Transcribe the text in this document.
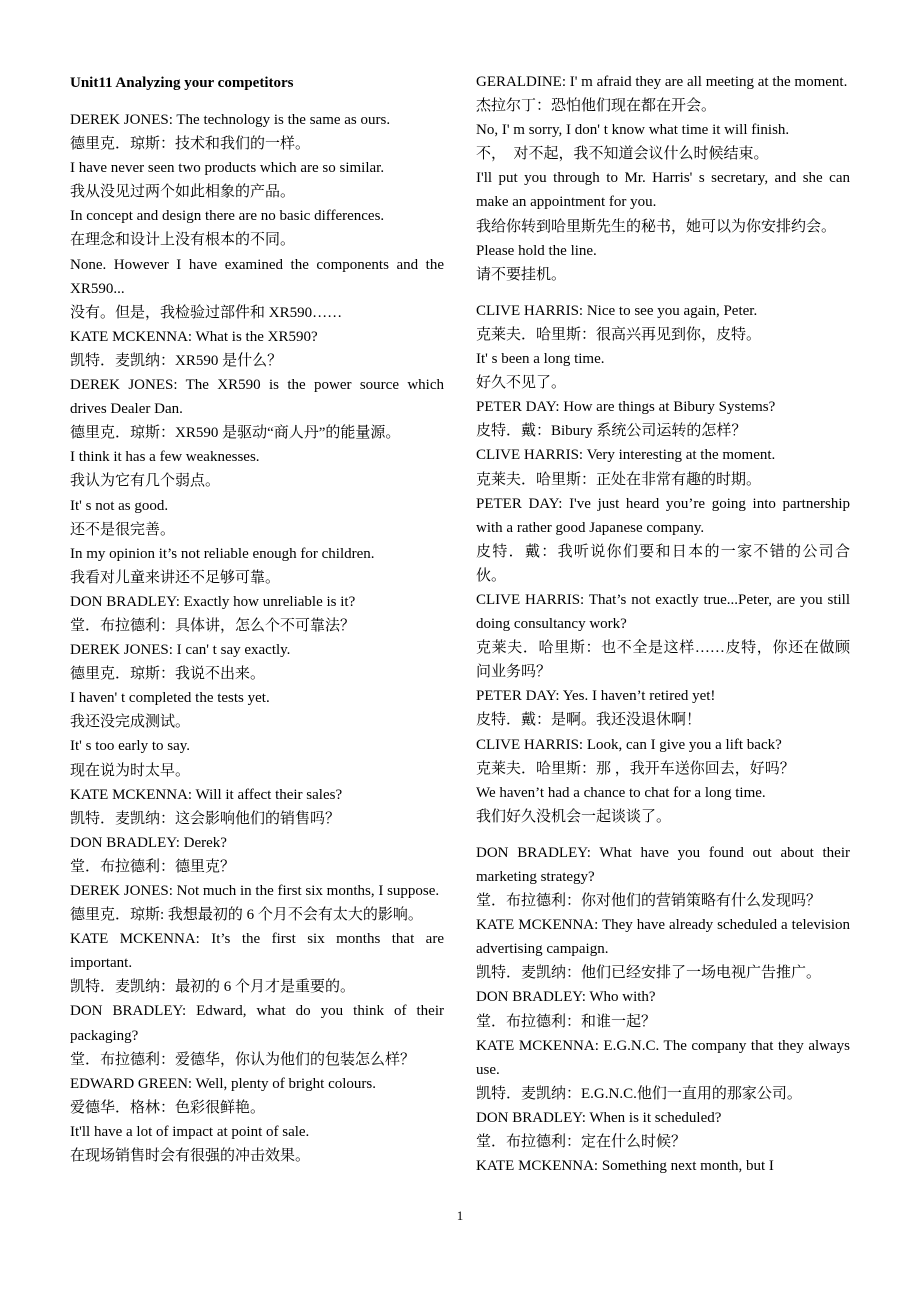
Unit11 Analyzing your competitors

DEREK JONES: The technology is the same as ours.

德里克．琼斯：技术和我们的一样。

I have never seen two products which are so similar.

我从没见过两个如此相象的产品。

In concept and design there are no basic differences.

在理念和设计上没有根本的不同。

None. However I have examined the components and the XR590...

没有。但是，我检验过部件和 XR590……

KATE MCKENNA: What is the XR590?

凯特．麦凯纳：XR590 是什么？

DEREK JONES: The XR590 is the power source which drives Dealer Dan.

德里克．琼斯：XR590 是驱动“商人丹”的能量源。

I think it has a few weaknesses.

我认为它有几个弱点。

It' s not as good.

还不是很完善。

In my opinion it’s not reliable enough for children.

我看对儿童来讲还不足够可靠。

DON BRADLEY: Exactly how unreliable is it?

堂．布拉德利：具体讲，怎么个不可靠法？

DEREK JONES: I can' t say exactly.

德里克．琼斯：我说不出来。

I haven' t completed the tests yet.

我还没完成测试。

It' s too early to say.

现在说为时太早。

KATE MCKENNA: Will it affect their sales?

凯特．麦凯纳：这会影响他们的销售吗？

DON BRADLEY: Derek?

堂．布拉德利：德里克？

DEREK JONES: Not much in the first six months, I suppose.

德里克．琼斯: 我想最初的 6 个月不会有太大的影响。

KATE MCKENNA: It’s the first six months that are important.

凯特．麦凯纳：最初的 6 个月才是重要的。

DON BRADLEY: Edward, what do you think of their packaging?

堂．布拉德利：爱德华，你认为他们的包装怎么样？

EDWARD GREEN: Well, plenty of bright colours.

爱德华．格林：色彩很鲜艳。

It'll have a lot of impact at point of sale.

在现场销售时会有很强的冲击效果。

GERALDINE: I' m afraid they are all meeting at the moment.

杰拉尔丁：恐怕他们现在都在开会。

No, I' m sorry, I don' t know what time it will finish.

不，　对不起，我不知道会议什么时候结束。

I'll put you through to Mr. Harris' s secretary, and she can make an appointment for you.

我给你转到哈里斯先生的秘书，她可以为你安排约会。

Please hold the line.

请不要挂机。

CLIVE HARRIS: Nice to see you again, Peter.

克莱夫．哈里斯：很高兴再见到你，皮特。

It' s been a long time.

好久不见了。

PETER DAY: How are things at Bibury Systems?

皮特．戴：Bibury 系统公司运转的怎样？

CLIVE HARRIS: Very interesting at the moment.

克莱夫．哈里斯：正处在非常有趣的时期。

PETER DAY: I've just heard you’re going into partnership with a rather good Japanese company.

皮特．戴：我听说你们要和日本的一家不错的公司合伙。

CLIVE HARRIS: That’s not exactly true...Peter, are you still doing consultancy work?

克莱夫．哈里斯：也不全是这样……皮特，你还在做顾问业务吗？

PETER DAY: Yes. I haven’t retired yet!

皮特．戴：是啊。我还没退休啊！

CLIVE HARRIS: Look, can I give you a lift back?

克莱夫．哈里斯：那 ，我开车送你回去，好吗？

We haven’t had a chance to chat for a long time.

我们好久没机会一起谈谈了。

DON BRADLEY: What have you found out about their marketing strategy?

堂．布拉德利：你对他们的营销策略有什么发现吗？

KATE MCKENNA: They have already scheduled a television advertising campaign.

凯特．麦凯纳：他们已经安排了一场电视广告推广。

DON BRADLEY: Who with?

堂．布拉德利：和谁一起？

KATE MCKENNA: E.G.N.C. The company that they always use.

凯特．麦凯纳：E.G.N.C.他们一直用的那家公司。

DON BRADLEY: When is it scheduled?

堂．布拉德利：定在什么时候？

KATE MCKENNA: Something next month, but I

1
